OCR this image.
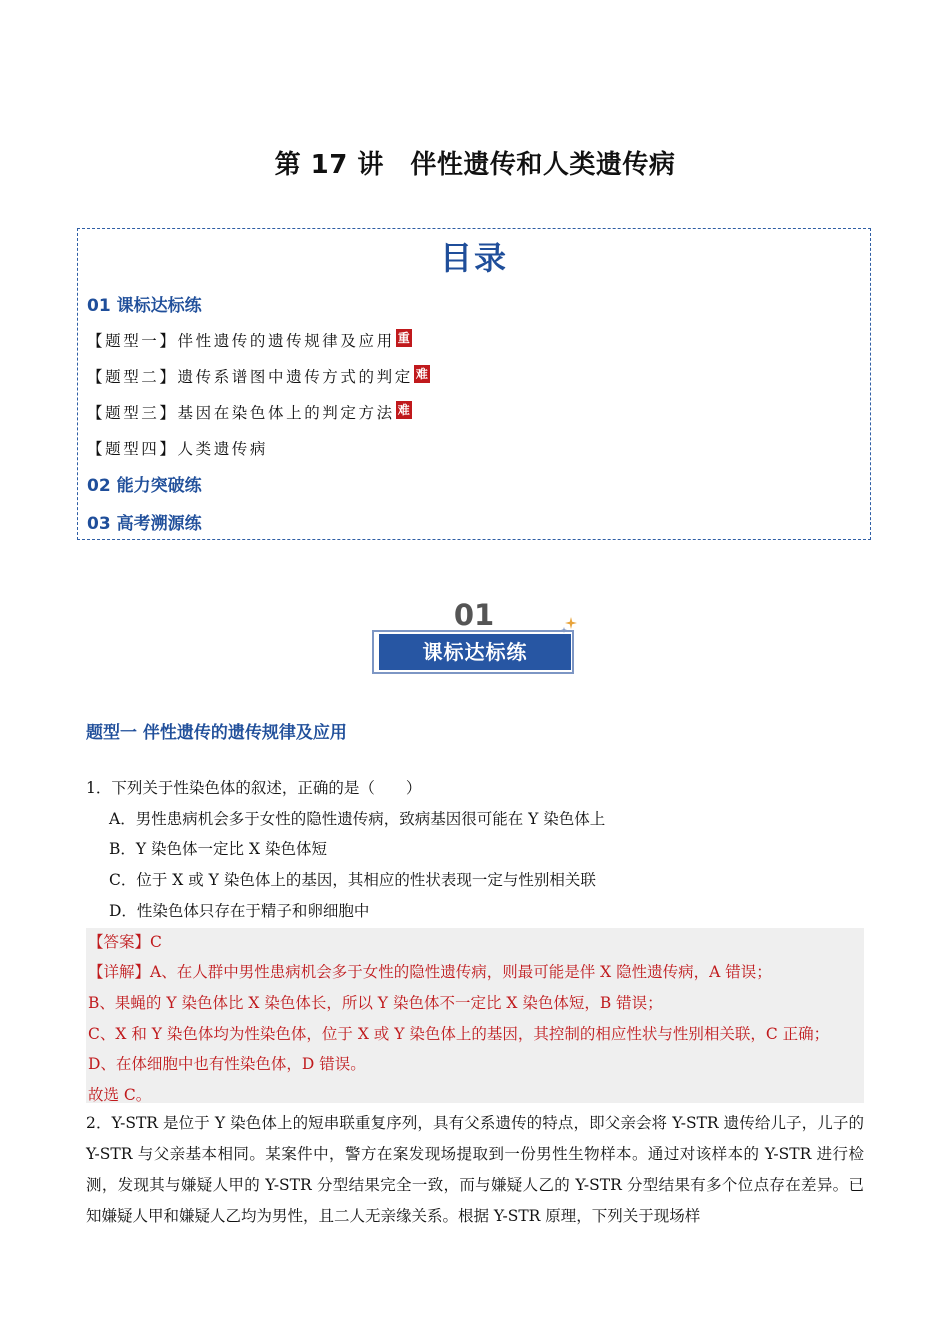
第 17 讲　伴性遗传和人类遗传病
目录
01 课标达标练
【题型一】伴性遗传的遗传规律及应用 重
【题型二】遗传系谱图中遗传方式的判定 难
【题型三】基因在染色体上的判定方法 难
【题型四】人类遗传病
02 能力突破练
03 高考溯源练
01
课标达标练
题型一 伴性遗传的遗传规律及应用
1．下列关于性染色体的叙述，正确的是（　　）
A．男性患病机会多于女性的隐性遗传病，致病基因很可能在 Y 染色体上
B．Y 染色体一定比 X 染色体短
C．位于 X 或 Y 染色体上的基因，其相应的性状表现一定与性别相关联
D．性染色体只存在于精子和卵细胞中
【答案】C
【详解】A、在人群中男性患病机会多于女性的隐性遗传病，则最可能是伴 X 隐性遗传病，A 错误；
B、果蝇的 Y 染色体比 X 染色体长，所以 Y 染色体不一定比 X 染色体短，B 错误；
C、X 和 Y 染色体均为性染色体，位于 X 或 Y 染色体上的基因，其控制的相应性状与性别相关联，C 正确；
D、在体细胞中也有性染色体，D 错误。
故选 C。
2．Y-STR 是位于 Y 染色体上的短串联重复序列，具有父系遗传的特点，即父亲会将 Y-STR 遗传给儿子，儿子的 Y-STR 与父亲基本相同。某案件中，警方在案发现场提取到一份男性生物样本。通过对该样本的 Y-STR 进行检测，发现其与嫌疑人甲的 Y-STR 分型结果完全一致，而与嫌疑人乙的 Y-STR 分型结果有多个位点存在差异。已知嫌疑人甲和嫌疑人乙均为男性，且二人无亲缘关系。根据 Y-STR 原理，下列关于现场样
